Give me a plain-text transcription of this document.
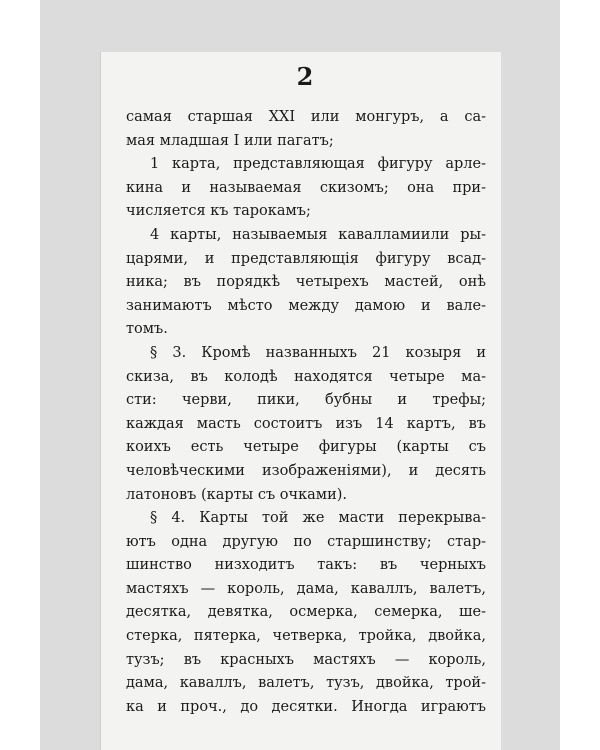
2
самая старшая XXI или монгуръ, а са-
мая младшая I или пагатъ;
1 карта, представляющая фигуру арле-
кина и называемая скизомъ; она при-
числяется къ тарокамъ;
4 карты, называемыя кавалламиили ры-
царями, и представляющія фигуру всад-
ника; въ порядкѣ четырехъ мастей, онѣ
занимаютъ мѣсто между дамою и вале-
томъ.
§ 3. Кромѣ названныхъ 21 козыря и
скиза, въ колодѣ находятся четыре ма-
сти: черви, пики, бубны и трефы;
каждая масть состоитъ изъ 14 картъ, въ
коихъ есть четыре фигуры (карты съ
человѣческими изображеніями), и десять
латоновъ (карты съ очками).
§ 4. Карты той же масти перекрыва-
ютъ одна другую по старшинству; стар-
шинство низходитъ такъ: въ черныхъ
мастяхъ — король, дама, каваллъ, валетъ,
десятка, девятка, осмерка, семерка, ше-
стерка, пятерка, четверка, тройка, двойка,
тузъ; въ красныхъ мастяхъ — король,
дама, каваллъ, валетъ, тузъ, двойка, трой-
ка и проч., до десятки. Иногда играютъ
